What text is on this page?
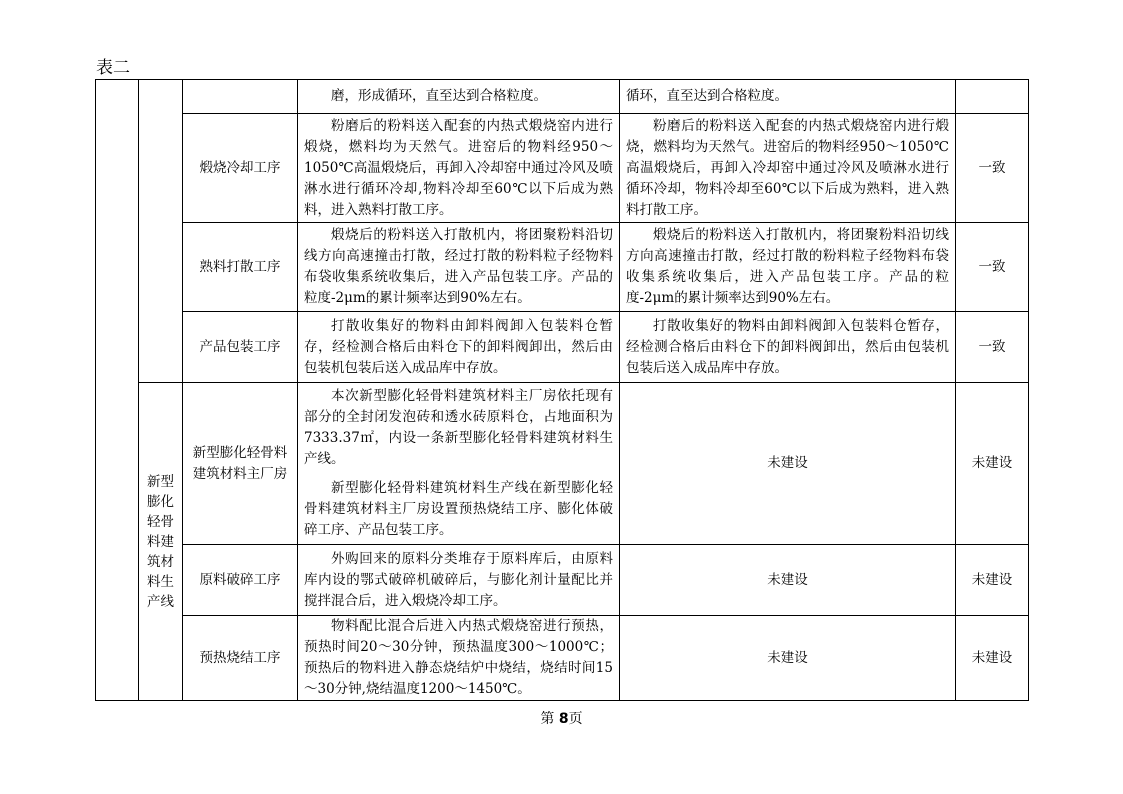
表二

			磨，形成循环，直至达到合格粒度。	循环，直至达到合格粒度。	
		煅烧冷却工序	粉磨后的粉料送入配套的内热式煅烧窑内进行煅烧，燃料均为天然气。进窑后的物料经950～1050℃高温煅烧后，再卸入冷却窑中通过冷风及喷淋水进行循环冷却,物料冷却至60℃以下后成为熟料，进入熟料打散工序。	粉磨后的粉料送入配套的内热式煅烧窑内进行煅烧，燃料均为天然气。进窑后的物料经950～1050℃高温煅烧后，再卸入冷却窑中通过冷风及喷淋水进行循环冷却，物料冷却至60℃以下后成为熟料，进入熟料打散工序。	一致
		熟料打散工序	煅烧后的粉料送入打散机内，将团聚粉料沿切线方向高速撞击打散，经过打散的粉料粒子经物料布袋收集系统收集后，进入产品包装工序。产品的粒度-2μm的累计频率达到90%左右。	煅烧后的粉料送入打散机内，将团聚粉料沿切线方向高速撞击打散，经过打散的粉料粒子经物料布袋收集系统收集后，进入产品包装工序。产品的粒度-2μm的累计频率达到90%左右。	一致
		产品包装工序	打散收集好的物料由卸料阀卸入包装料仓暂存，经检测合格后由料仓下的卸料阀卸出，然后由包装机包装后送入成品库中存放。	打散收集好的物料由卸料阀卸入包装料仓暂存，经检测合格后由料仓下的卸料阀卸出，然后由包装机包装后送入成品库中存放。	一致
	新型膨化轻骨料建筑材料生产线	新型膨化轻骨料建筑材料主厂房	本次新型膨化轻骨料建筑材料主厂房依托现有部分的全封闭发泡砖和透水砖原料仓，占地面积为7333.37㎡，内设一条新型膨化轻骨料建筑材料生产线。

新型膨化轻骨料建筑材料生产线在新型膨化轻骨料建筑材料主厂房设置预热烧结工序、膨化体破碎工序、产品包装工序。	未建设	未建设
		原料破碎工序	外购回来的原料分类堆存于原料库后，由原料库内设的鄂式破碎机破碎后，与膨化剂计量配比并搅拌混合后，进入煅烧冷却工序。	未建设	未建设
		预热烧结工序	物料配比混合后进入内热式煅烧窑进行预热，预热时间20～30分钟，预热温度300～1000℃；预热后的物料进入静态烧结炉中烧结，烧结时间15～30分钟,烧结温度1200～1450℃。	未建设	未建设
第 8页
